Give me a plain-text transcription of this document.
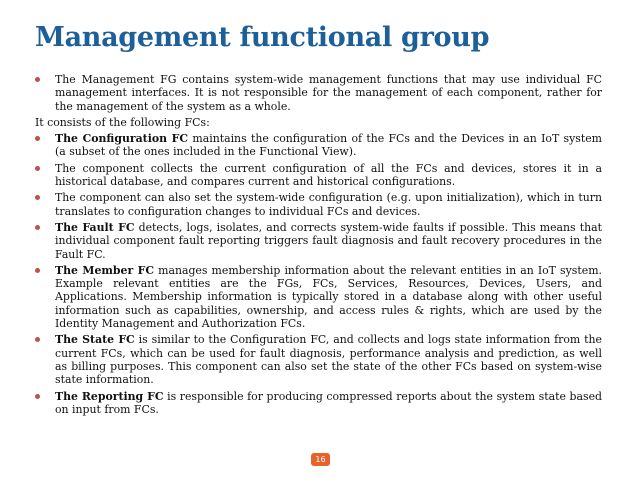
Management functional group
The Management FG contains system-wide management functions that may use individual FC management interfaces. It is not responsible for the management of each component, rather for the management of the system as a whole.
It consists of the following FCs:
The Configuration FC maintains the configuration of the FCs and the Devices in an IoT system (a subset of the ones included in the Functional View).
The component collects the current configuration of all the FCs and devices, stores it in a historical database, and compares current and historical configurations.
The component can also set the system-wide configuration (e.g. upon initialization), which in turn translates to configuration changes to individual FCs and devices.
The Fault FC detects, logs, isolates, and corrects system-wide faults if possible. This means that individual component fault reporting triggers fault diagnosis and fault recovery procedures in the Fault FC.
The Member FC manages membership information about the relevant entities in an IoT system. Example relevant entities are the FGs, FCs, Services, Resources, Devices, Users, and Applications. Membership information is typically stored in a database along with other useful information such as capabilities, ownership, and access rules & rights, which are used by the Identity Management and Authorization FCs.
The State FC is similar to the Configuration FC, and collects and logs state information from the current FCs, which can be used for fault diagnosis, performance analysis and prediction, as well as billing purposes. This component can also set the state of the other FCs based on system-wise state information.
The Reporting FC is responsible for producing compressed reports about the system state based on input from FCs.
16
